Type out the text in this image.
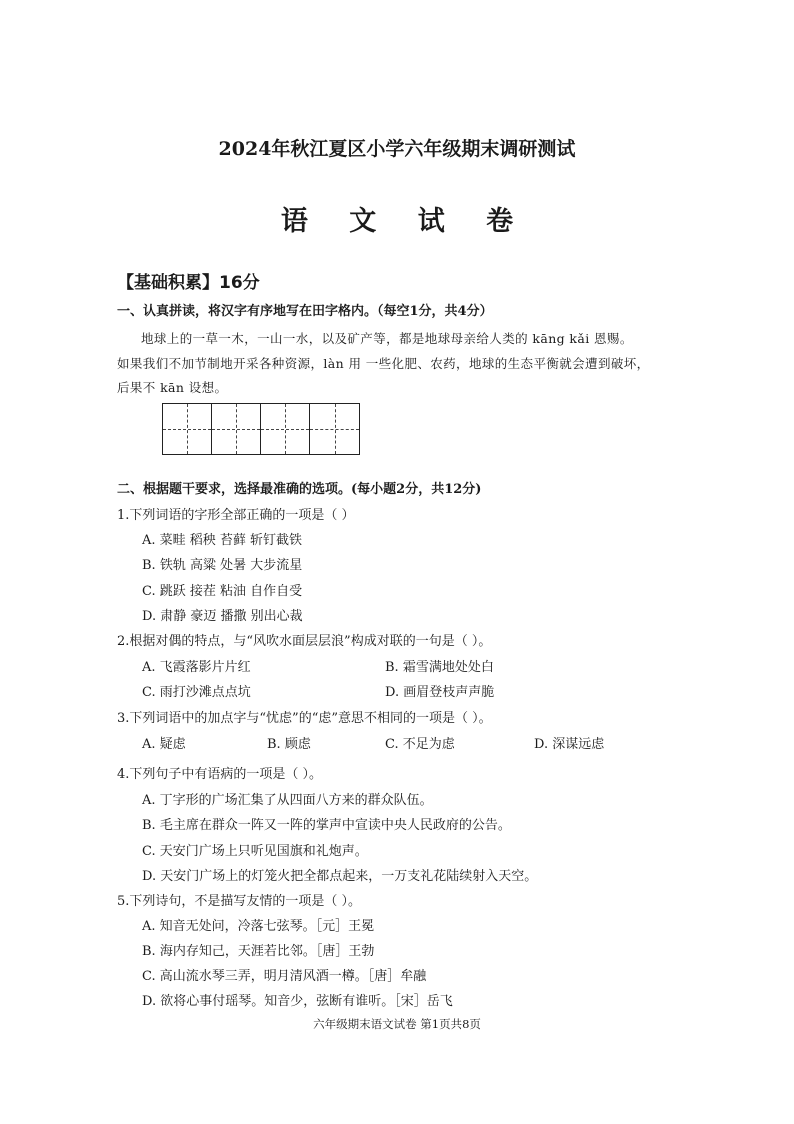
2024年秋江夏区小学六年级期末调研测试
语 文 试 卷
【基础积累】16分
一、认真拼读，将汉字有序地写在田字格内。（每空1分，共4分）
地球上的一草一木，一山一水，以及矿产等，都是地球母亲给人类的 kāng kǎi 恩赐。
如果我们不加节制地开采各种资源，làn 用 一些化肥、农药，地球的生态平衡就会遭到破坏，
后果不 kān 设想。
二、根据题干要求，选择最准确的选项。(每小题2分，共12分)
1.下列词语的字形全部正确的一项是（ ）
A. 菜畦 稻秧 苔藓 斩钉截铁
B. 铁轨 高粱 处暑 大步流星
C. 跳跃 接茬 粘油 自作自受
D. 肃静 豪迈 播撒 别出心裁
2.根据对偶的特点，与“风吹水面层层浪”构成对联的一句是（ ）。
A. 飞霞落影片片红	B. 霜雪满地处处白
C. 雨打沙滩点点坑	D. 画眉登枝声声脆
3.下列词语中的加点字与“忧虑”的“虑”意思不相同的一项是（ ）。
A. 疑虑	B. 顾虑	C. 不足为虑	D. 深谋远虑
4.下列句子中有语病的一项是（ ）。
A. 丁字形的广场汇集了从四面八方来的群众队伍。
B. 毛主席在群众一阵又一阵的掌声中宣读中央人民政府的公告。
C. 天安门广场上只听见国旗和礼炮声。
D. 天安门广场上的灯笼火把全都点起来，一万支礼花陆续射入天空。
5.下列诗句，不是描写友情的一项是（ ）。
A. 知音无处问，冷落七弦琴。［元］王冕
B. 海内存知己，天涯若比邻。［唐］王勃
C. 高山流水琴三弄，明月清风酒一樽。［唐］牟融
D. 欲将心事付瑶琴。知音少，弦断有谁听。［宋］岳飞
六年级期末语文试卷 第1页共8页
